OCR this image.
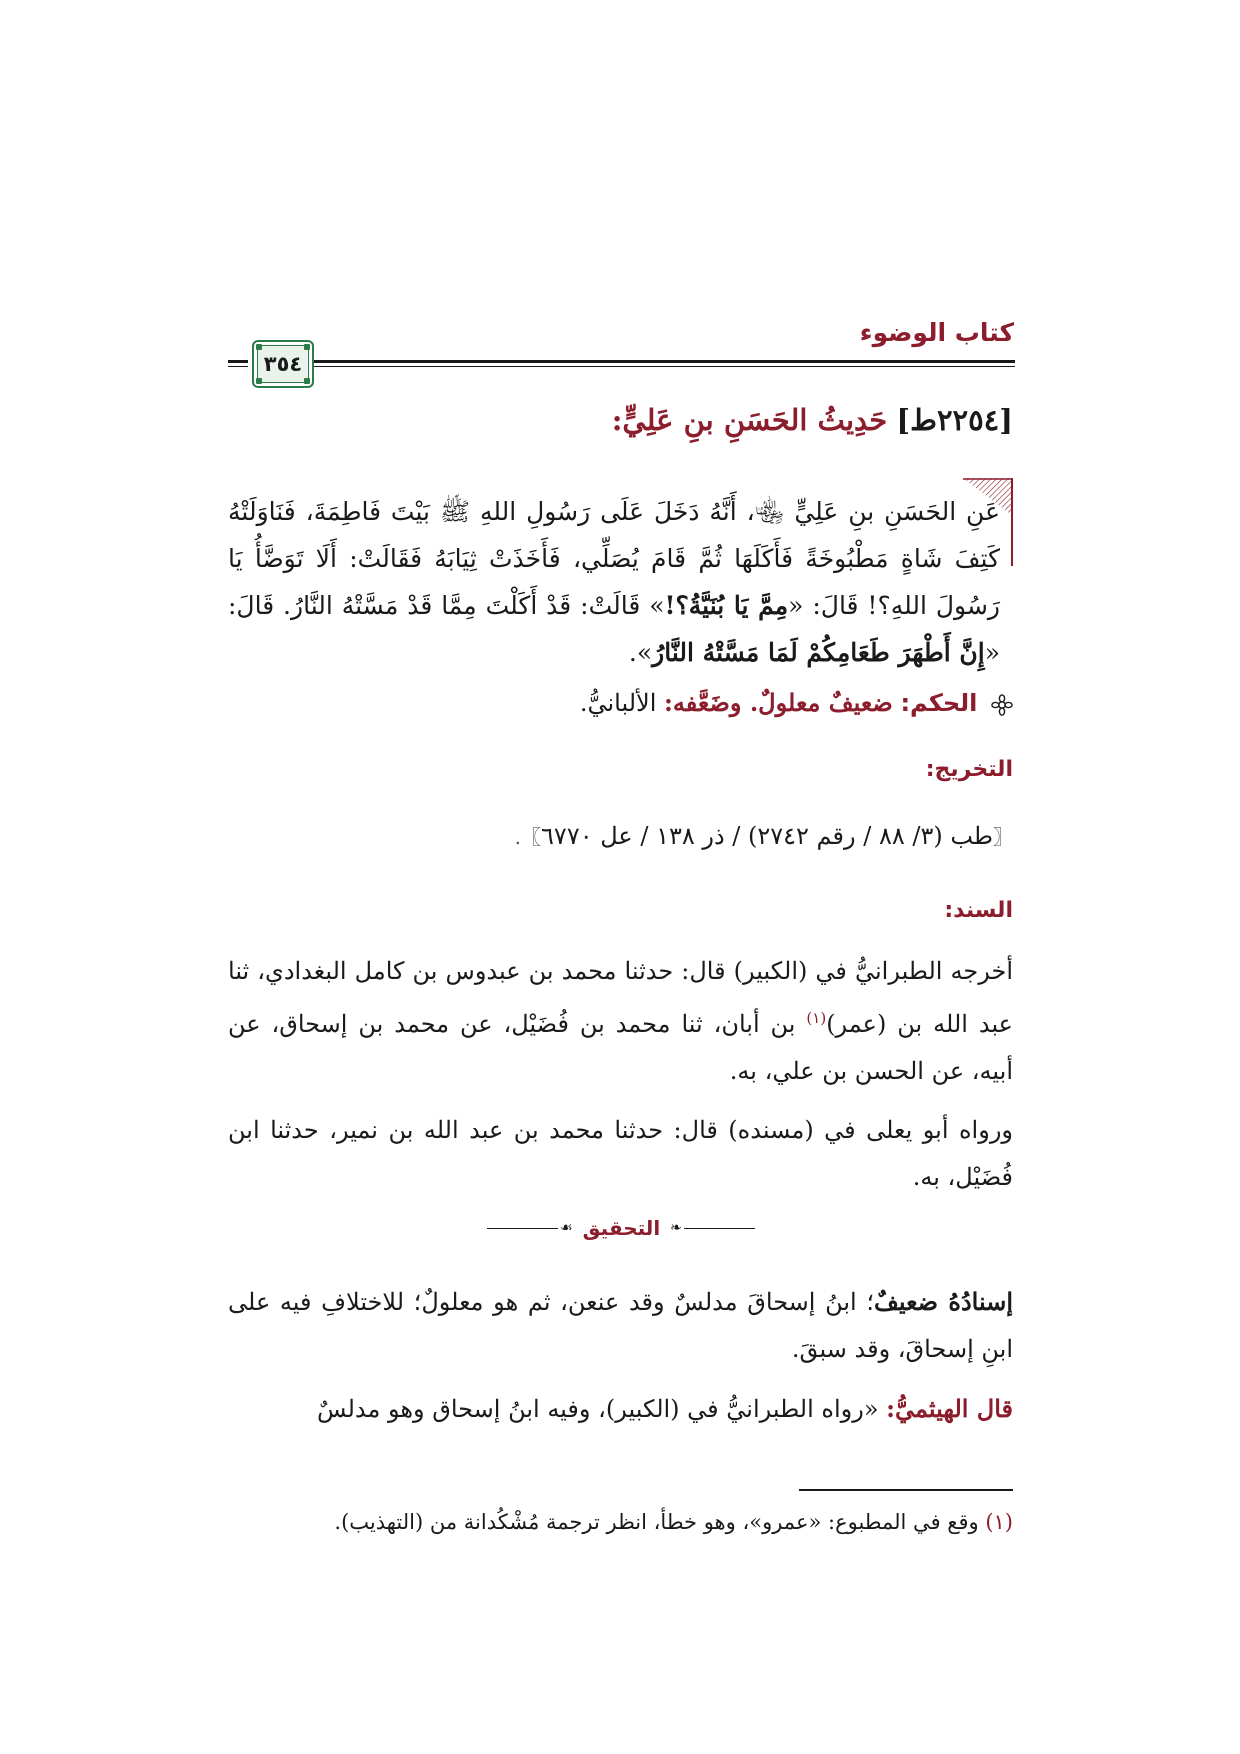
كتاب الوضوء
٣٥٤
[٢٢٥٤ط] حَدِيثُ الحَسَنِ بنِ عَلِيٍّ:

عَنِ الحَسَنِ بنِ عَلِيٍّ ﵄، أَنَّهُ دَخَلَ عَلَى رَسُولِ اللهِ ﷺ بَيْتَ فَاطِمَةَ، فَنَاوَلَتْهُ كَتِفَ شَاةٍ مَطْبُوخَةً فَأَكَلَهَا ثُمَّ قَامَ يُصَلِّي، فَأَخَذَتْ ثِيَابَهُ فَقَالَتْ: أَلَا تَوَضَّأُ يَا رَسُولَ اللهِ؟! قَالَ: «مِمَّ يَا بُنَيَّةُ؟!» قَالَتْ: قَدْ أَكَلْتَ مِمَّا قَدْ مَسَّتْهُ النَّارُ. قَالَ: «إِنَّ أَطْهَرَ طَعَامِكُمْ لَمَا مَسَّتْهُ النَّارُ».

الحكم: ضعيفٌ معلولٌ. وضَعَّفه: الألبانيُّ.
التخريج:
〖طب (٣/ ٨٨ / رقم ٢٧٤٢) / ذر ١٣٨ / عل ٦٧٧٠〗.
السند:

أخرجه الطبرانيُّ في (الكبير) قال: حدثنا محمد بن عبدوس بن كامل البغدادي، ثنا عبد الله بن (عمر)$^{(١)}$ بن أبان، ثنا محمد بن فُضَيْل، عن محمد بن إسحاق، عن أبيه، عن الحسن بن علي، به.

ورواه أبو يعلى في (مسنده) قال: حدثنا محمد بن عبد الله بن نمير، حدثنا ابن فُضَيْل، به.

❧
التحقيق
☙

إسنادُهُ ضعيفٌ؛ ابنُ إسحاقَ مدلسٌ وقد عنعن، ثم هو معلولٌ؛ للاختلافِ فيه على ابنِ إسحاقَ، وقد سبقَ.

قال الهيثميُّ: «رواه الطبرانيُّ في (الكبير)، وفيه ابنُ إسحاق وهو مدلسٌ

(١) وقع في المطبوع: «عمرو»، وهو خطأ، انظر ترجمة مُشْكُدانة من (التهذيب).
